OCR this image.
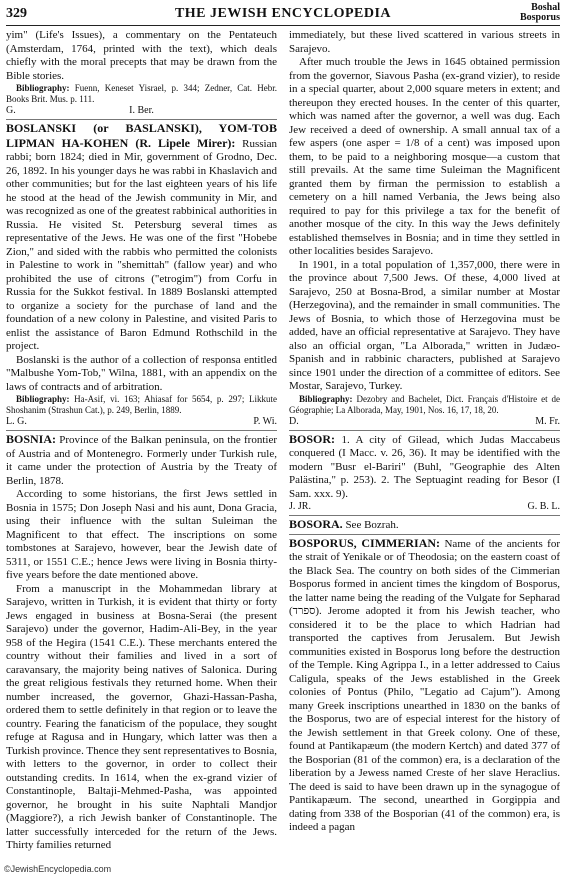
329	THE JEWISH ENCYCLOPEDIA	Boshal
Bosporus

yim" (Life's Issues), a commentary on the Pentateuch (Amsterdam, 1764, printed with the text), which deals chiefly with the moral precepts that may be drawn from the Bible stories.

Bibliography: Fuenn, Keneset Yisrael, p. 344; Zedner, Cat. Hebr. Books Brit. Mus. p. 111.

G.	I. Ber.

BOSLANSKI (or BASLANSKI), YOM-TOB LIPMAN HA-KOHEN (R. Lipele Mirer): Russian rabbi; born 1824; died in Mir, government of Grodno, Dec. 26, 1892. In his younger days he was rabbi in Khaslavich and other communities; but for the last eighteen years of his life he stood at the head of the Jewish community in Mir, and was recognized as one of the greatest rabbinical authorities in Russia. He visited St. Petersburg several times as representative of the Jews. He was one of the first "Hobebe Zion," and sided with the rabbis who permitted the colonists in Palestine to work in "shemittah" (fallow year) and who prohibited the use of citrons ("etrogim") from Corfu in Russia for the Sukkot festival. In 1889 Boslanski attempted to organize a society for the purchase of land and the foundation of a new colony in Palestine, and visited Paris to enlist the assistance of Baron Edmund Rothschild in the project.

Boslanski is the author of a collection of responsa entitled "Malbushe Yom-Tob," Wilna, 1881, with an appendix on the laws of contracts and of arbitration.

Bibliography: Ha-Asif, vi. 163; Ahiasaf for 5654, p. 297; Likkute Shoshanim (Strashun Cat.), p. 249, Berlin, 1889.

L. G.	P. Wi.

BOSNIA: Province of the Balkan peninsula, on the frontier of Austria and of Montenegro. Formerly under Turkish rule, it came under the protection of Austria by the Treaty of Berlin, 1878.

According to some historians, the first Jews settled in Bosnia in 1575; Don Joseph Nasi and his aunt, Dona Gracia, using their influence with the sultan Suleiman the Magnificent to that effect. The inscriptions on some tombstones at Sarajevo, however, bear the Jewish date of 5311, or 1551 C.E.; hence Jews were living in Bosnia thirty-five years before the date mentioned above.

From a manuscript in the Mohammedan library at Sarajevo, written in Turkish, it is evident that thirty or forty Jews engaged in business at Bosna-Serai (the present Sarajevo) under the governor, Hadim-Ali-Bey, in the year 958 of the Hegira (1541 C.E.). These merchants entered the country without their families and lived in a sort of caravansary, the majority being natives of Salonica. During the great religious festivals they returned home. When their number increased, the governor, Ghazi-Hassan-Pasha, ordered them to settle definitely in that region or to leave the country. Fearing the fanaticism of the populace, they sought refuge at Ragusa and in Hungary, which latter was then a Turkish province. Thence they sent representatives to Bosnia, with letters to the governor, in order to collect their outstanding credits. In 1614, when the ex-grand vizier of Constantinople, Baltaji-Mehmed-Pasha, was appointed governor, he brought in his suite Naphtali Mandjor (Maggiore?), a rich Jewish banker of Constantinople. The latter successfully interceded for the return of the Jews. Thirty families returned

immediately, but these lived scattered in various streets in Sarajevo.

After much trouble the Jews in 1645 obtained permission from the governor, Siavous Pasha (ex-grand vizier), to reside in a special quarter, about 2,000 square meters in extent; and thereupon they erected houses. In the center of this quarter, which was named after the governor, a well was dug. Each Jew received a deed of ownership. A small annual tax of a few aspers (one asper = 1/8 of a cent) was imposed upon them, to be paid to a neighboring mosque—a custom that still prevails. At the same time Suleiman the Magnificent granted them by firman the permission to establish a cemetery on a hill named Verbania, the Jews being also required to pay for this privilege a tax for the benefit of another mosque of the city. In this way the Jews definitely established themselves in Bosnia; and in time they settled in other localities besides Sarajevo.

In 1901, in a total population of 1,357,000, there were in the province about 7,500 Jews. Of these, 4,000 lived at Sarajevo, 250 at Bosna-Brod, a similar number at Mostar (Herzegovina), and the remainder in small communities. The Jews of Bosnia, to which those of Herzegovina must be added, have an official representative at Sarajevo. They have also an official organ, "La Alborada," written in Judæo-Spanish and in rabbinic characters, published at Sarajevo since 1901 under the direction of a committee of editors. See Mostar, Sarajevo, Turkey.

Bibliography: Dezobry and Bachelet, Dict. Français d'Histoire et de Géographie; La Alborada, May, 1901, Nos. 16, 17, 18, 20.

D.	M. Fr.

BOSOR: 1. A city of Gilead, which Judas Maccabeus conquered (I Macc. v. 26, 36). It may be identified with the modern "Busr el-Bariri" (Buhl, "Geographie des Alten Palästina," p. 253). 2. The Septuagint reading for Besor (I Sam. xxx. 9).

J. JR.	G. B. L.

BOSORA. See Bozrah.

BOSPORUS, CIMMERIAN: Name of the ancients for the strait of Yenikale or of Theodosia; on the eastern coast of the Black Sea. The country on both sides of the Cimmerian Bosporus formed in ancient times the kingdom of Bosporus, the latter name being the reading of the Vulgate for Sepharad (ספרד). Jerome adopted it from his Jewish teacher, who considered it to be the place to which Hadrian had transported the captives from Jerusalem. But Jewish communities existed in Bosporus long before the destruction of the Temple. King Agrippa I., in a letter addressed to Caius Caligula, speaks of the Jews established in the Greek colonies of Pontus (Philo, "Legatio ad Cajum"). Among many Greek inscriptions unearthed in 1830 on the banks of the Bosporus, two are of especial interest for the history of the Jewish settlement in that Greek colony. One of these, found at Pantikapæum (the modern Kertch) and dated 377 of the Bosporian (81 of the common) era, is a declaration of the liberation by a Jewess named Creste of her slave Heraclius. The deed is said to have been drawn up in the synagogue of Pantikapæum. The second, unearthed in Gorgippia and dating from 338 of the Bosporian (41 of the common) era, is indeed a pagan

©JewishEncyclopedia.com
